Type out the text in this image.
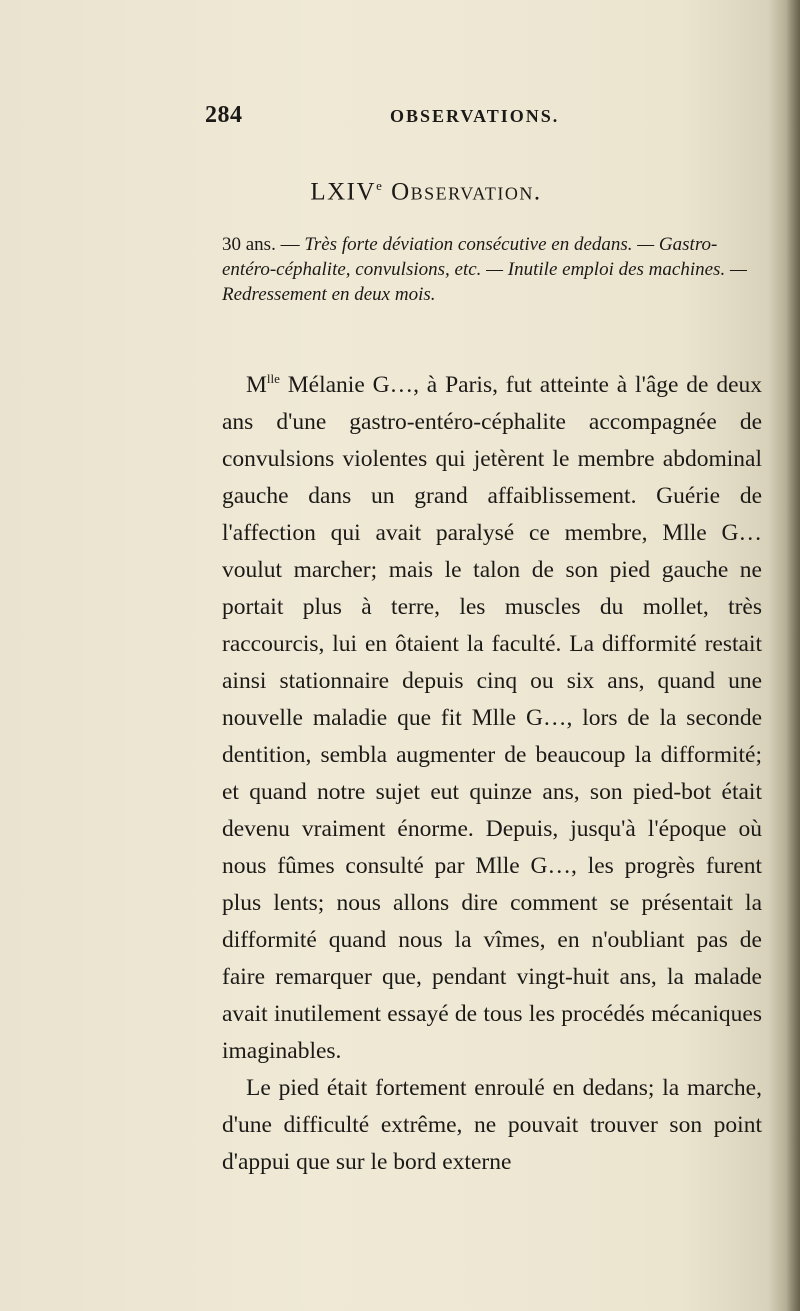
284	OBSERVATIONS.
LXIVe Observation.
30 ans. — Très forte déviation consécutive en dedans. — Gastro-entéro-céphalite, convulsions, etc. — Inutile emploi des machines. — Redressement en deux mois.

$M^{lle}$ Mélanie G…, à Paris, fut atteinte à l'âge de deux ans d'une gastro-entéro-céphalite accompagnée de convulsions violentes qui jetèrent le membre abdominal gauche dans un grand affaiblissement. Guérie de l'affection qui avait paralysé ce membre, Mlle G… voulut marcher; mais le talon de son pied gauche ne portait plus à terre, les muscles du mollet, très raccourcis, lui en ôtaient la faculté. La difformité restait ainsi stationnaire depuis cinq ou six ans, quand une nouvelle maladie que fit Mlle G…, lors de la seconde dentition, sembla augmenter de beaucoup la difformité; et quand notre sujet eut quinze ans, son pied-bot était devenu vraiment énorme. Depuis, jusqu'à l'époque où nous fûmes consulté par Mlle G…, les progrès furent plus lents; nous allons dire comment se présentait la difformité quand nous la vîmes, en n'oubliant pas de faire remarquer que, pendant vingt-huit ans, la malade avait inutilement essayé de tous les procédés mécaniques imaginables.

Le pied était fortement enroulé en dedans; la marche, d'une difficulté extrême, ne pouvait trouver son point d'appui que sur le bord externe
